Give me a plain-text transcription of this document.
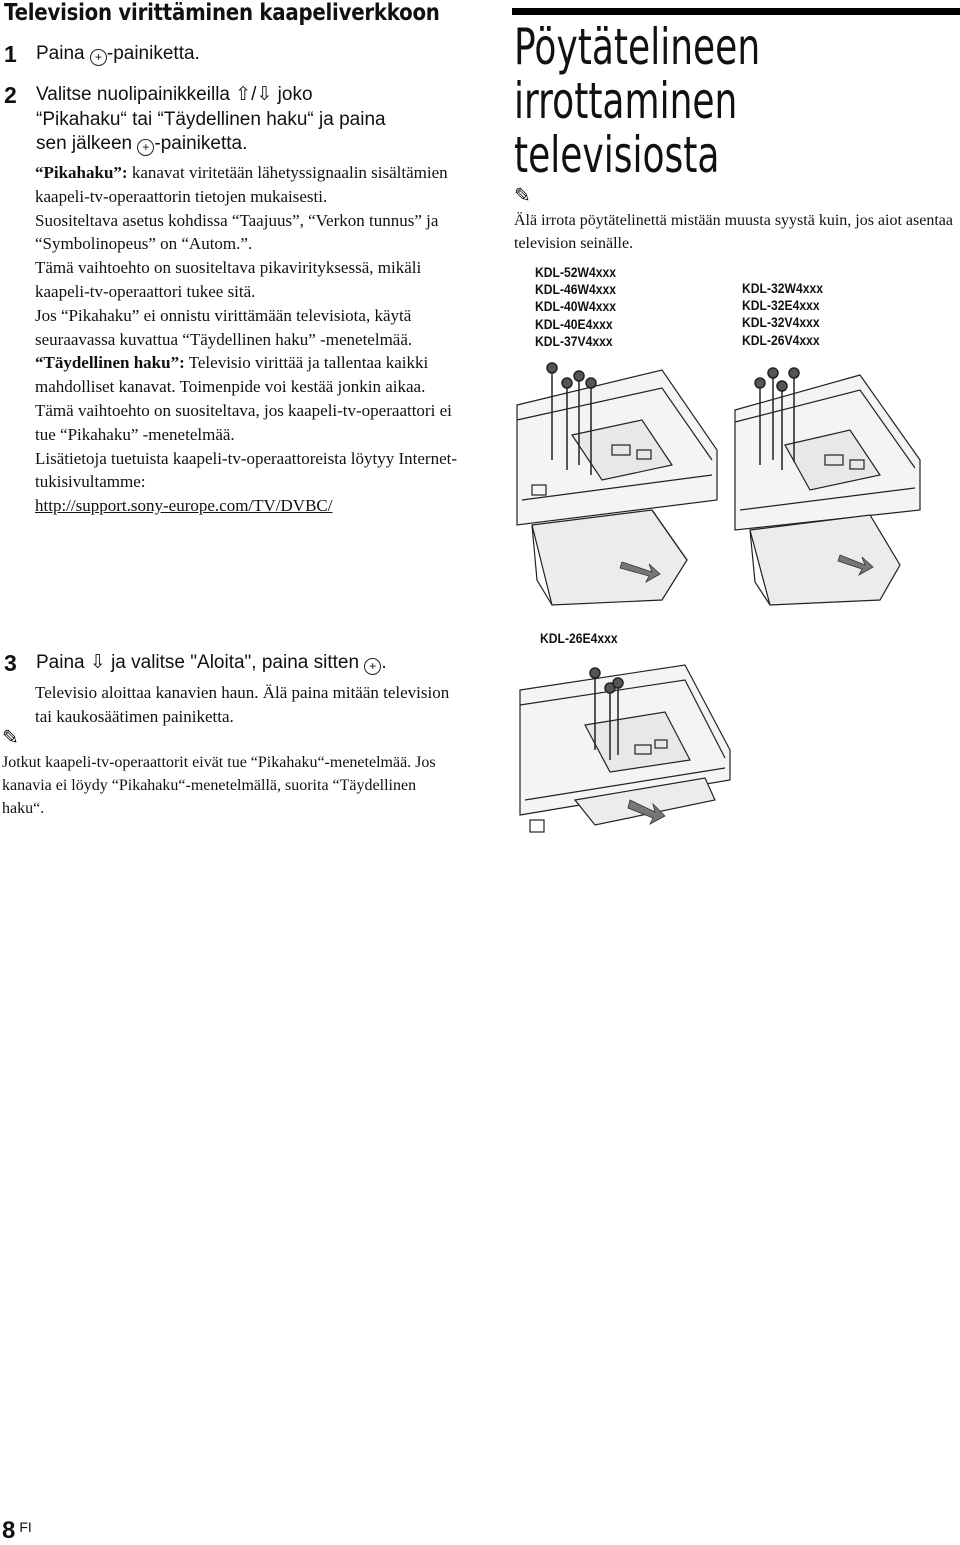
Television virittäminen kaapeliverkkoon
1 Paina + -painiketta.
2 Valitse nuolipainikkeilla ⇧/⇩ joko
“Pikahaku“ tai “Täydellinen haku“ ja paina
sen jälkeen + -painiketta.

“Pikahaku”: kanavat viritetään lähetyssignaalin sisältämien kaapeli-tv-operaattorin tietojen mukaisesti.

Suositeltava asetus kohdissa “Taajuus”, “Verkon tunnus” ja “Symbolinopeus” on “Autom.”.

Tämä vaihtoehto on suositeltava pikavirityksessä, mikäli kaapeli-tv-operaattori tukee sitä.

Jos “Pikahaku” ei onnistu virittämään televisiota, käytä seuraavassa kuvattua “Täydellinen haku” -menetelmää.

“Täydellinen haku”: Televisio virittää ja tallentaa kaikki mahdolliset kanavat. Toimenpide voi kestää jonkin aikaa.

Tämä vaihtoehto on suositeltava, jos kaapeli-tv-operaattori ei tue “Pikahaku” -menetelmää.

Lisätietoja tuetuista kaapeli-tv-operaattoreista löytyy Internet-tukisivultamme:

http://support.sony-europe.com/TV/DVBC/

3 Paina ⇩ ja valitse "Aloita", paina sitten + .
Televisio aloittaa kanavien haun. Älä paina mitään television tai kaukosäätimen painiketta.
✎
Jotkut kaapeli-tv-operaattorit eivät tue “Pikahaku“-menetelmää. Jos kanavia ei löydy “Pikahaku“-menetelmällä, suorita “Täydellinen haku“.
Pöytätelineen
irrottaminen
televisiosta
✎
Älä irrota pöytätelinettä mistään muusta syystä kuin, jos aiot asentaa television seinälle.
KDL-52W4xxx
KDL-46W4xxx
KDL-40W4xxx
KDL-40E4xxx
KDL-37V4xxx
KDL-32W4xxx
KDL-32E4xxx
KDL-32V4xxx
KDL-26V4xxx
KDL-26E4xxx
8 $^{FI}$
